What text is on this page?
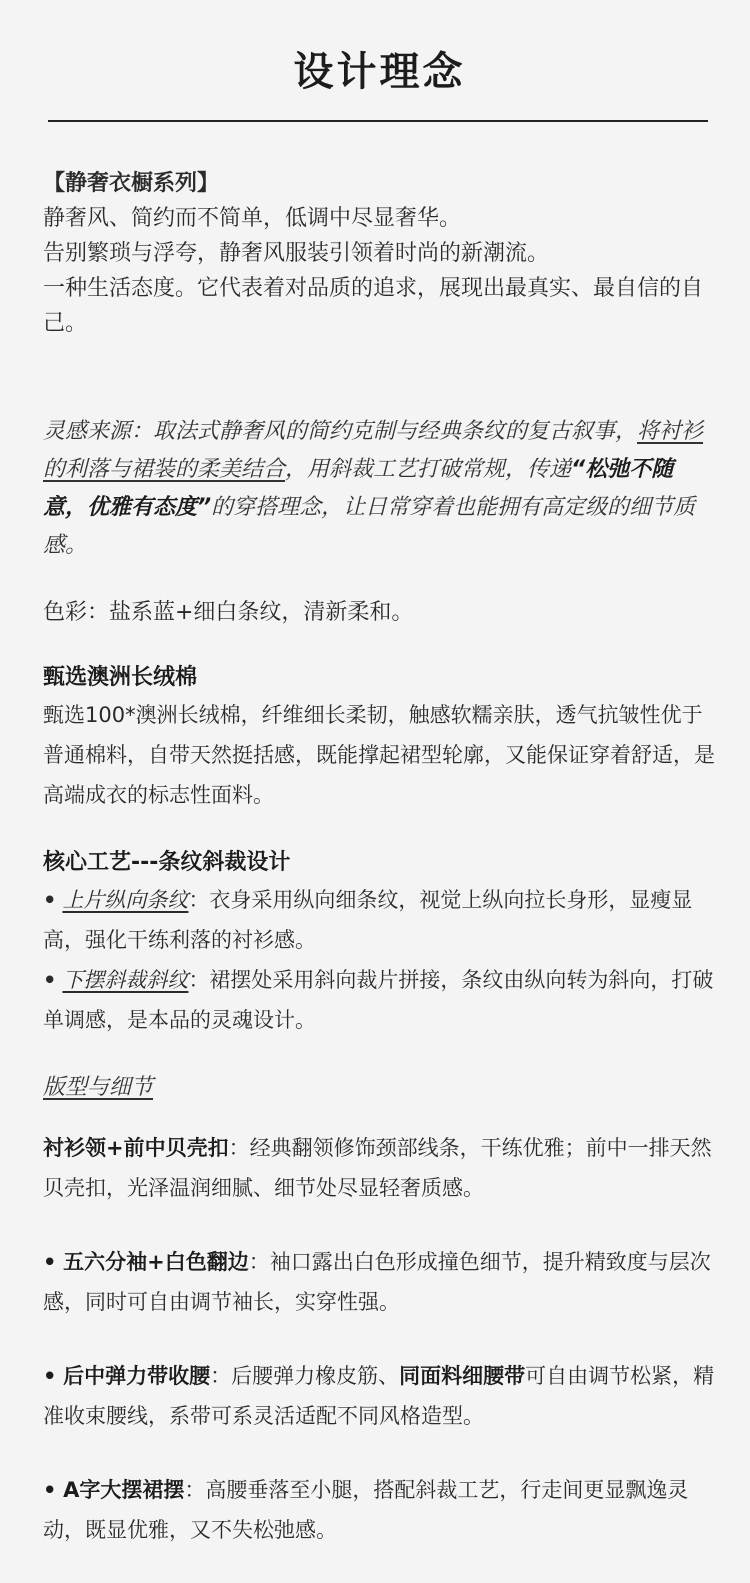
设计理念

【静奢衣橱系列】

静奢风、简约而不简单，低调中尽显奢华。

告别繁琐与浮夸，静奢风服装引领着时尚的新潮流。

一种生活态度。它代表着对品质的追求，展现出最真实、最自信的自己。

灵感来源：取法式静奢风的简约克制与经典条纹的复古叙事，将衬衫的利落与裙装的柔美结合，用斜裁工艺打破常规，传递“松弛不随意，优雅有态度”的穿搭理念，让日常穿着也能拥有高定级的细节质感。

色彩：盐系蓝+细白条纹，清新柔和。

甄选澳洲长绒棉

甄选100*澳洲长绒棉，纤维细长柔韧，触感软糯亲肤，透气抗皱性优于普通棉料，自带天然挺括感，既能撑起裙型轮廓，又能保证穿着舒适，是高端成衣的标志性面料。

核心工艺---条纹斜裁设计

• 上片纵向条纹：衣身采用纵向细条纹，视觉上纵向拉长身形，显瘦显高，强化干练利落的衬衫感。

• 下摆斜裁斜纹：裙摆处采用斜向裁片拼接，条纹由纵向转为斜向，打破单调感，是本品的灵魂设计。

版型与细节

衬衫领+前中贝壳扣：经典翻领修饰颈部线条，干练优雅；前中一排天然贝壳扣，光泽温润细腻、细节处尽显轻奢质感。

• 五六分袖+白色翻边：袖口露出白色形成撞色细节，提升精致度与层次感，同时可自由调节袖长，实穿性强。

• 后中弹力带收腰：后腰弹力橡皮筋、同面料细腰带可自由调节松紧，精准收束腰线，系带可系灵活适配不同风格造型。

• A字大摆裙摆：高腰垂落至小腿，搭配斜裁工艺，行走间更显飘逸灵动，既显优雅，又不失松弛感。
